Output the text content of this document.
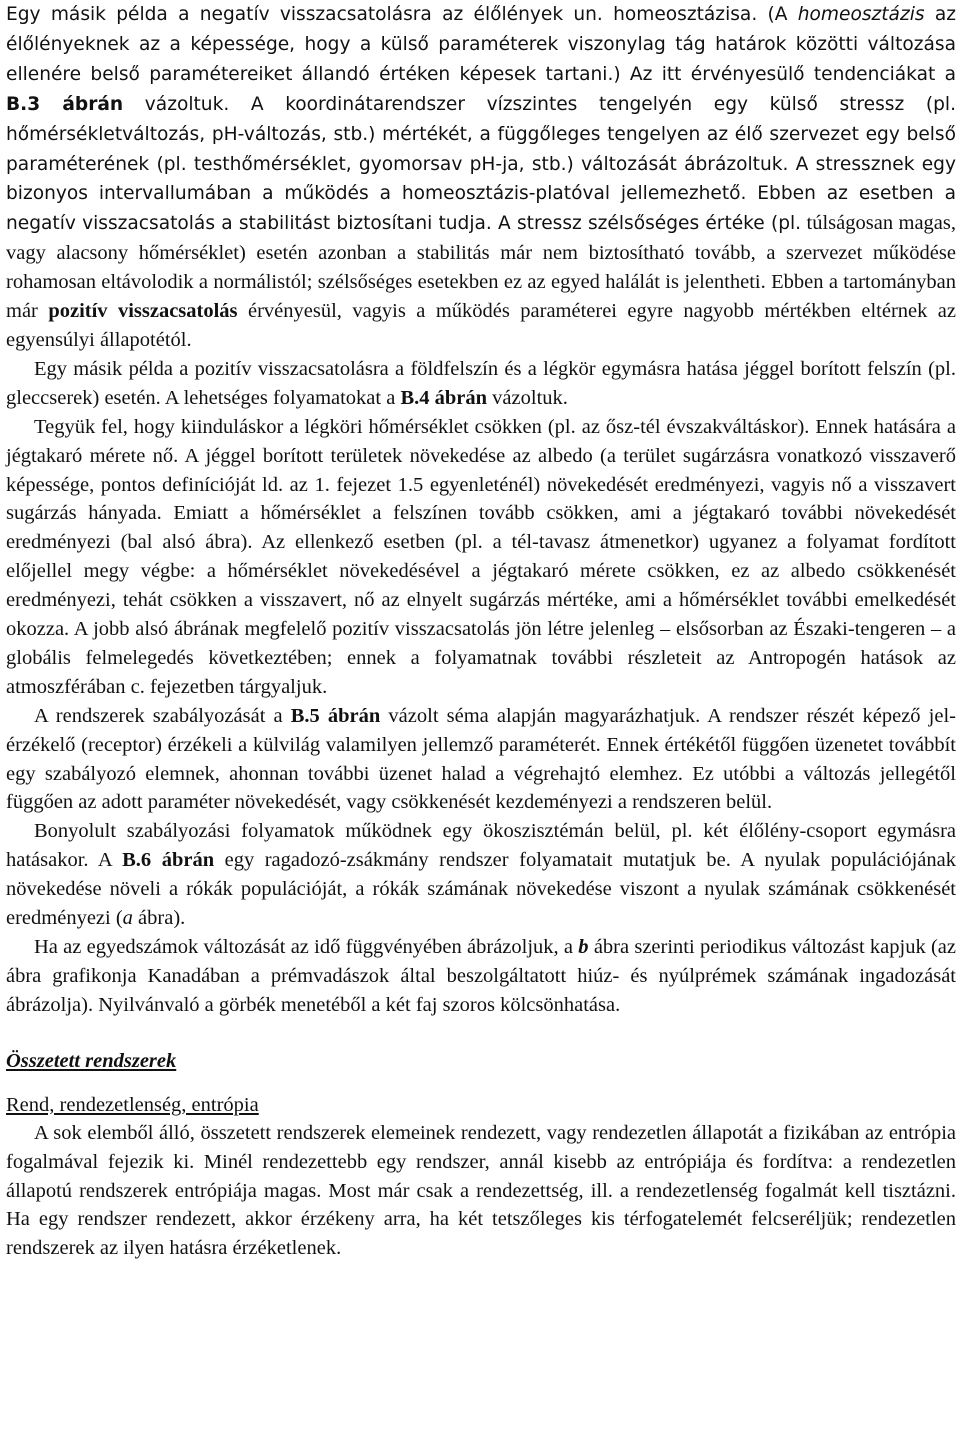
Egy másik példa a negatív visszacsatolásra az élőlények un. homeosztázisa. (A homeosztázis az élőlényeknek az a képessége, hogy a külső paraméterek viszonylag tág határok közötti változása ellenére belső paramétereiket állandó értéken képesek tartani.) Az itt érvényesülő tendenciákat a B.3 ábrán vázoltuk. A koordinátarendszer vízszintes tengelyén egy külső stressz (pl. hőmérsékletváltozás, pH-változás, stb.) mértékét, a függőleges tengelyen az élő szervezet egy belső paraméterének (pl. testhőmérséklet, gyomorsav pH-ja, stb.) változását ábrázoltuk. A stressznek egy bizonyos intervallumában a működés a homeosztázis-platóval jellemezhető. Ebben az esetben a negatív visszacsatolás a stabilitást biztosítani tudja. A stressz szélsőséges értéke (pl. túlságosan magas, vagy alacsony hőmérséklet) esetén azonban a stabilitás már nem biztosítható tovább, a szervezet működése rohamosan eltávolodik a normálistól; szélsőséges esetekben ez az egyed halálát is jelentheti. Ebben a tartományban már pozitív visszacsatolás érvényesül, vagyis a működés paraméterei egyre nagyobb mértékben eltérnek az egyensúlyi állapotétól.

Egy másik példa a pozitív visszacsatolásra a földfelszín és a légkör egymásra hatása jéggel borított felszín (pl. gleccserek) esetén. A lehetséges folyamatokat a B.4 ábrán vázoltuk.

Tegyük fel, hogy kiinduláskor a légköri hőmérséklet csökken (pl. az ősz-tél évszakváltáskor). Ennek hatására a jégtakaró mérete nő. A jéggel borított területek növekedése az albedo (a terület sugárzásra vonatkozó visszaverő képessége, pontos definícióját ld. az 1. fejezet 1.5 egyenleténél) növekedését eredményezi, vagyis nő a visszavert sugárzás hányada. Emiatt a hőmérséklet a felszínen tovább csökken, ami a jégtakaró további növekedését eredményezi (bal alsó ábra). Az ellenkező esetben (pl. a tél-tavasz átmenetkor) ugyanez a folyamat fordított előjellel megy végbe: a hőmérséklet növekedésével a jégtakaró mérete csökken, ez az albedo csökkenését eredményezi, tehát csökken a visszavert, nő az elnyelt sugárzás mértéke, ami a hőmérséklet további emelkedését okozza. A jobb alsó ábrának megfelelő pozitív visszacsatolás jön létre jelenleg – elsősorban az Északi-tengeren – a globális felmelegedés következtében; ennek a folyamatnak további részleteit az Antropogén hatások az atmoszférában c. fejezetben tárgyaljuk.

A rendszerek szabályozását a B.5 ábrán vázolt séma alapján magyarázhatjuk. A rendszer részét képező jel-érzékelő (receptor) érzékeli a külvilág valamilyen jellemző paraméterét. Ennek értékétől függően üzenetet továbbít egy szabályozó elemnek, ahonnan további üzenet halad a végrehajtó elemhez. Ez utóbbi a változás jellegétől függően az adott paraméter növekedését, vagy csökkenését kezdeményezi a rendszeren belül.

Bonyolult szabályozási folyamatok működnek egy ökoszisztémán belül, pl. két élőlény-csoport egymásra hatásakor. A B.6 ábrán egy ragadozó-zsákmány rendszer folyamatait mutatjuk be. A nyulak populációjának növekedése növeli a rókák populációját, a rókák számának növekedése viszont a nyulak számának csökkenését eredményezi (a ábra).

Ha az egyedszámok változását az idő függvényében ábrázoljuk, a b ábra szerinti periodikus változást kapjuk (az ábra grafikonja Kanadában a prémvadászok által beszolgáltatott hiúz- és nyúlprémek számának ingadozását ábrázolja). Nyilvánvaló a görbék menetéből a két faj szoros kölcsönhatása.

Összetett rendszerek
Rend, rendezetlenség, entrópia

A sok elemből álló, összetett rendszerek elemeinek rendezett, vagy rendezetlen állapotát a fizikában az entrópia fogalmával fejezik ki. Minél rendezettebb egy rendszer, annál kisebb az entrópiája és fordítva: a rendezetlen állapotú rendszerek entrópiája magas. Most már csak a rendezettség, ill. a rendezetlenség fogalmát kell tisztázni. Ha egy rendszer rendezett, akkor érzékeny arra, ha két tetszőleges kis térfogatelemét felcseréljük; rendezetlen rendszerek az ilyen hatásra érzéketlenek.
